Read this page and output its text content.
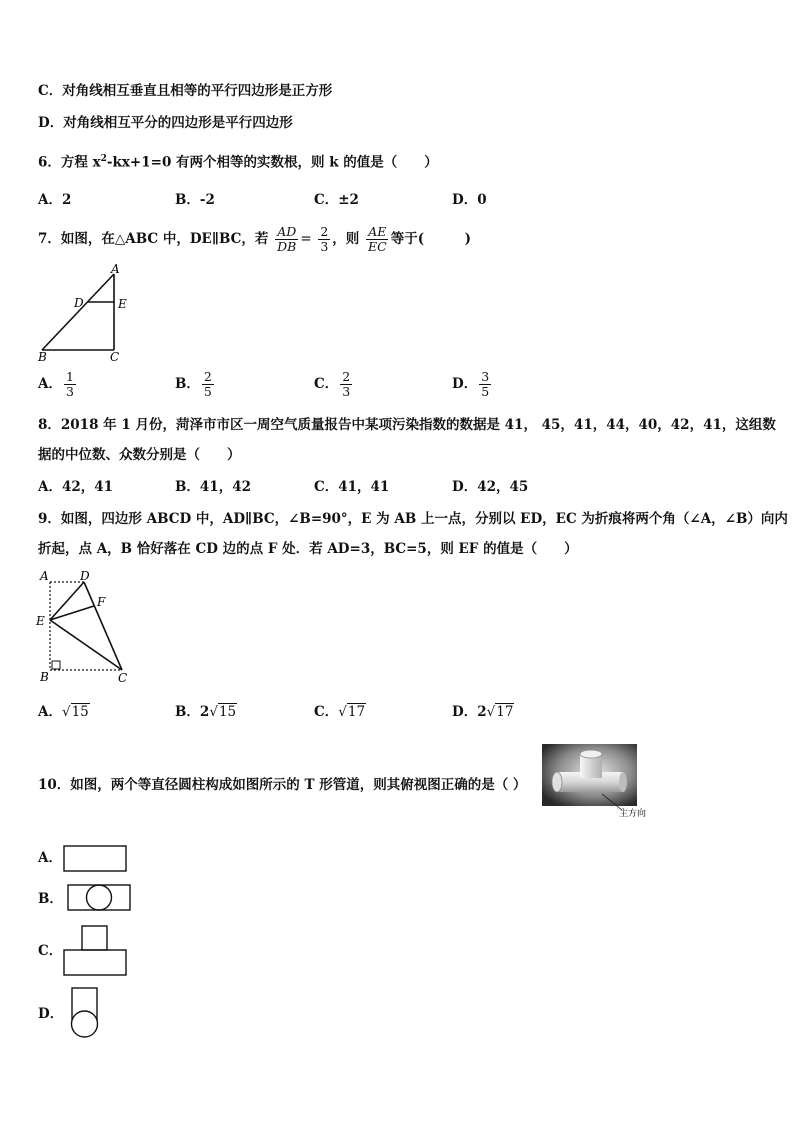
C．对角线相互垂直且相等的平行四边形是正方形
D．对角线相互平分的四边形是平行四边形
6．方程 $x^2-kx+1=0$ 有两个相等的实数根，则 k 的值是（　　）
A．2	B．-2	C．±2	D．0
7．如图，在△ABC 中，DE∥BC，若 $\frac{AD}{DB} = \frac{2}{3}$ ，则 $\frac{AE}{EC}$ 等于(　　　)
A
D	E
B	C
A． $\frac{1}{3}$	B． $\frac{2}{5}$	C． $\frac{2}{3}$	D． $\frac{3}{5}$
8．2018 年 1 月份，菏泽市市区一周空气质量报告中某项污染指数的数据是 41， 45，41，44，40，42，41，这组数
据的中位数、众数分别是（　　）
A．42，41	B．41，42	C．41，41	D．42，45
9．如图，四边形 ABCD 中，AD∥BC，∠B=90°，E 为 AB 上一点，分别以 ED，EC 为折痕将两个角（∠A，∠B）向内
折起，点 A，B 恰好落在 CD 边的点 F 处．若 AD=3，BC=5，则 EF 的值是（　　）
A	D
F
E
B	C
A．√15	B．2√15	C．√17	D．2√17
10．如图，两个等直径圆柱构成如图所示的 T 形管道，则其俯视图正确的是（ ）
主方向
A．
B．
C．
D．
